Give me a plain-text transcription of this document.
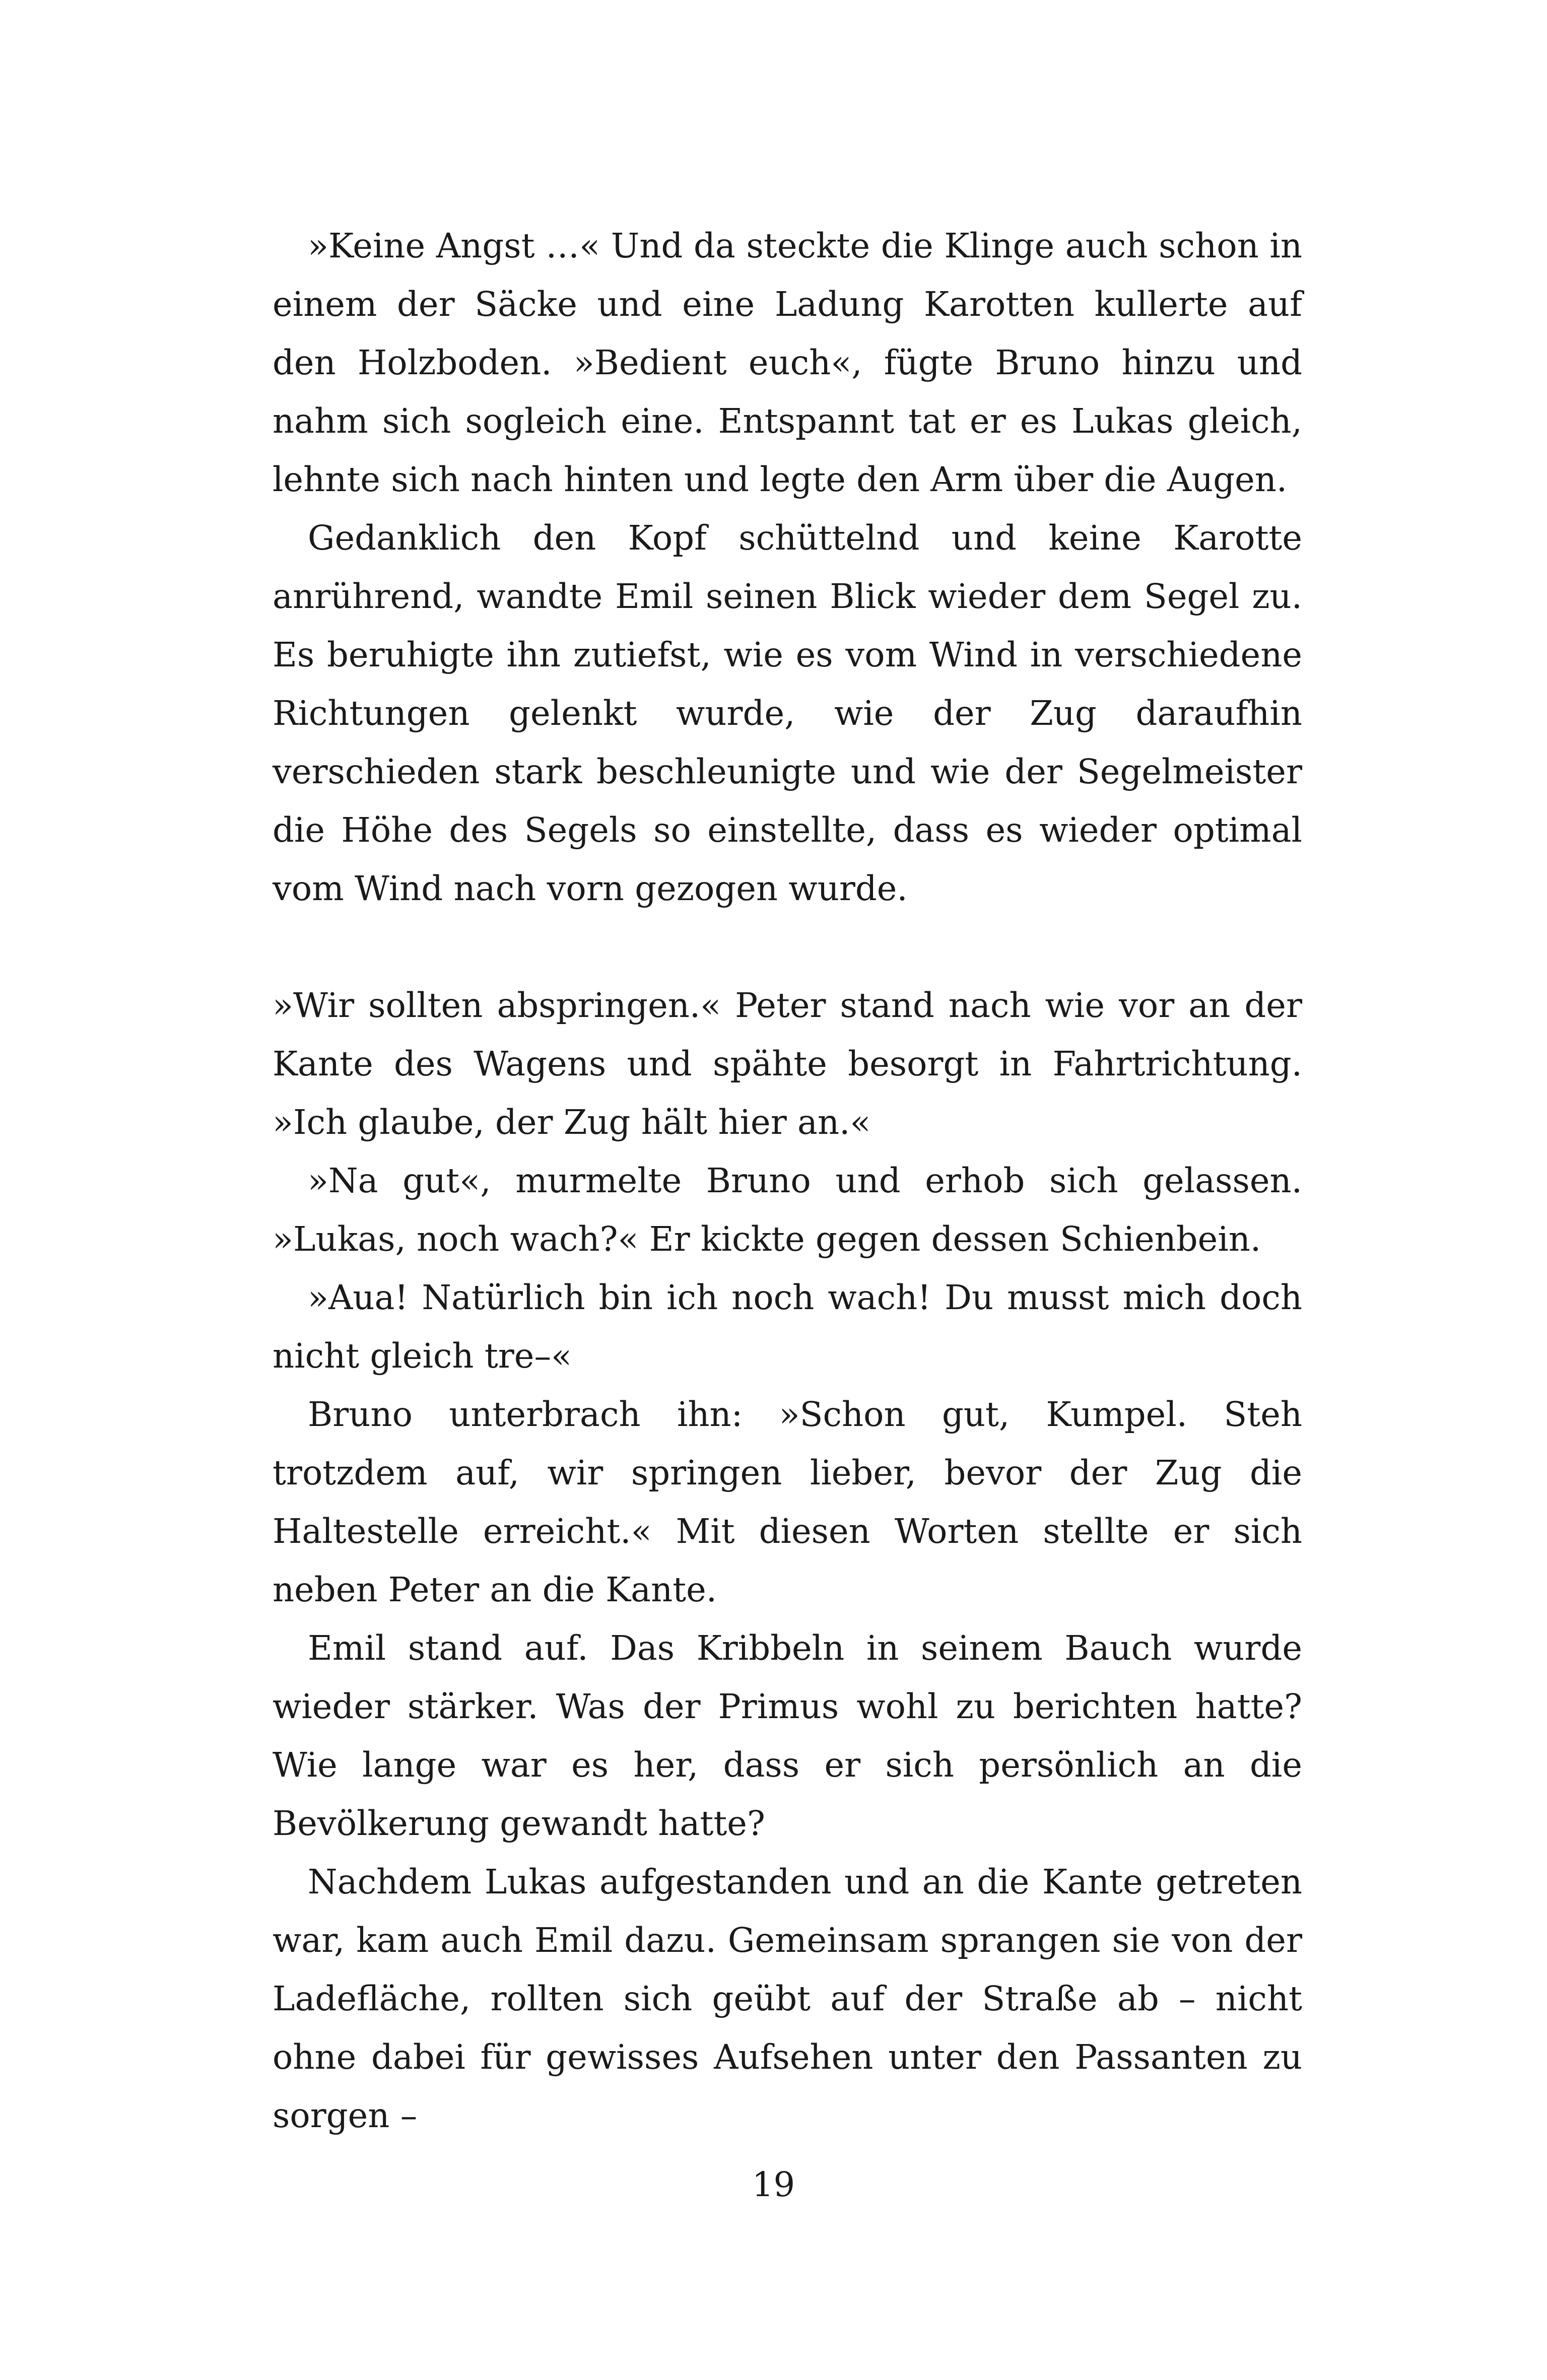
»Keine Angst …« Und da steckte die Klinge auch schon in einem der Säcke und eine Ladung Karotten kullerte auf den Holzboden. »Bedient euch«, fügte Bruno hinzu und nahm sich sogleich eine. Entspannt tat er es Lukas gleich, lehnte sich nach hinten und legte den Arm über die Augen.

Gedanklich den Kopf schüttelnd und keine Karotte anrührend, wandte Emil seinen Blick wieder dem Segel zu. Es beruhigte ihn zutiefst, wie es vom Wind in verschiedene Richtungen gelenkt wurde, wie der Zug daraufhin verschieden stark beschleunigte und wie der Segelmeister die Höhe des Segels so einstellte, dass es wieder optimal vom Wind nach vorn gezogen wurde.

»Wir sollten abspringen.« Peter stand nach wie vor an der Kante des Wagens und spähte besorgt in Fahrtrichtung. »Ich glaube, der Zug hält hier an.«

»Na gut«, murmelte Bruno und erhob sich gelassen. »Lukas, noch wach?« Er kickte gegen dessen Schienbein.

»Aua! Natürlich bin ich noch wach! Du musst mich doch nicht gleich tre–«

Bruno unterbrach ihn: »Schon gut, Kumpel. Steh trotzdem auf, wir springen lieber, bevor der Zug die Haltestelle erreicht.« Mit diesen Worten stellte er sich neben Peter an die Kante.

Emil stand auf. Das Kribbeln in seinem Bauch wurde wieder stärker. Was der Primus wohl zu berichten hatte? Wie lange war es her, dass er sich persönlich an die Bevölkerung gewandt hatte?

Nachdem Lukas aufgestanden und an die Kante getreten war, kam auch Emil dazu. Gemeinsam sprangen sie von der Ladefläche, rollten sich geübt auf der Straße ab – nicht ohne dabei für gewisses Aufsehen unter den Passanten zu sorgen –

19
